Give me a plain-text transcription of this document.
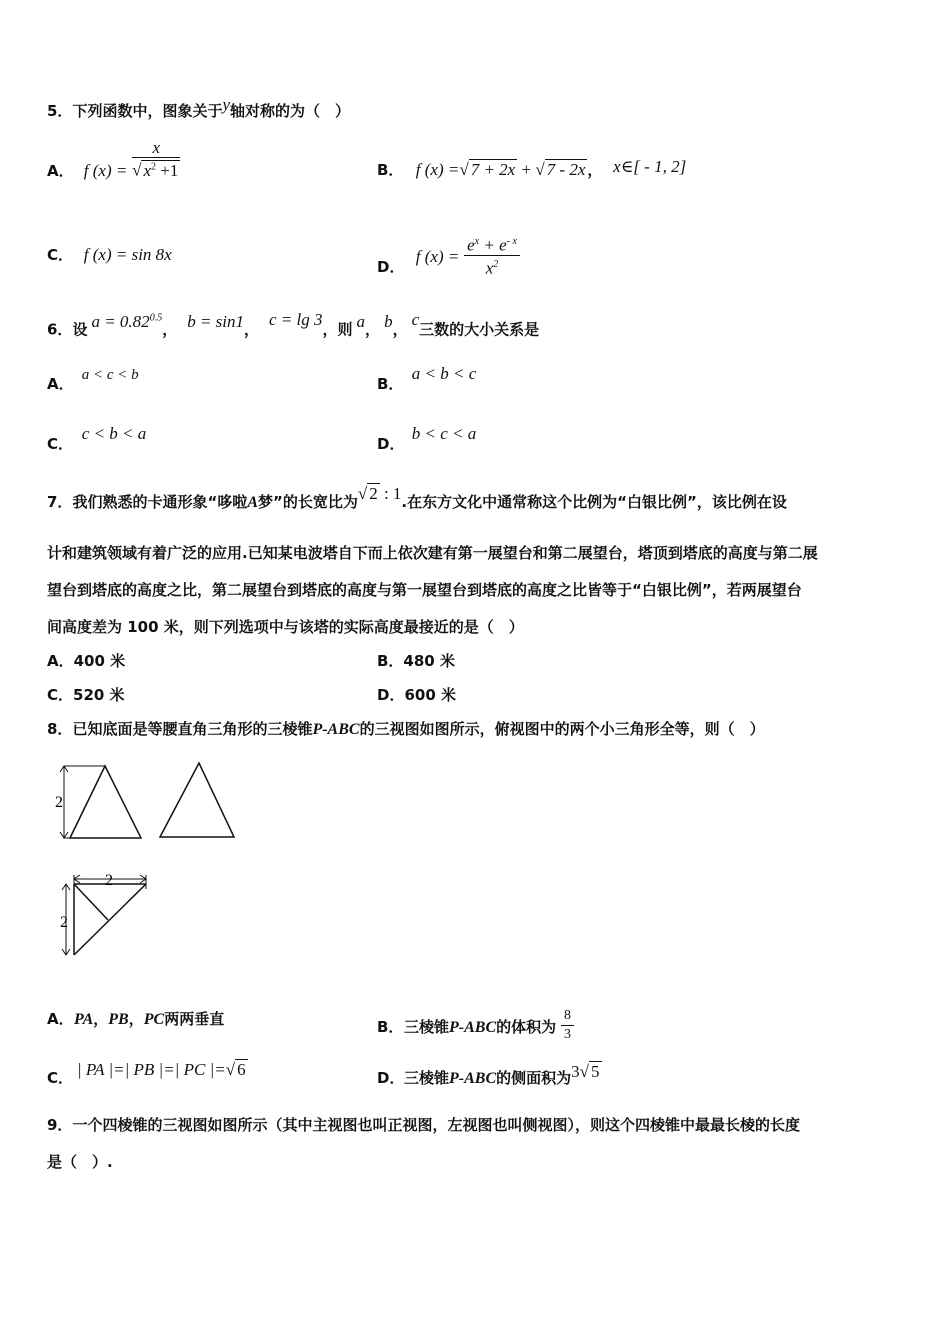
5．下列函数中，图象关于y轴对称的为（　）
A． f $(x) = \frac{x}{√ x^2 +1}$	B． f (x) =√ 7 + 2x + √ 7 - 2x ， x∈[ - 1, 2]
C． f (x) = sin 8x
D． f $(x) = \frac{e^x + e^{- x}}{x^2}$
6．设 $a = 0.82^{0.5}$， b = sin1，c = lg 3，则 a， b，c三数的大小关系是
A． a < c < b	B． a < b < c
C． c < b < a
D． b < c < a
7．我们熟悉的卡通形象“哆啦A梦”的长宽比为√ 2 : 1.在东方文化中通常称这个比例为“白银比例”，该比例在设
计和建筑领域有着广泛的应用.已知某电波塔自下而上依次建有第一展望台和第二展望台，塔顶到塔底的高度与第二展
望台到塔底的高度之比，第二展望台到塔底的高度与第一展望台到塔底的高度之比皆等于“白银比例”，若两展望台
间高度差为 100 米，则下列选项中与该塔的实际高度最接近的是（　）
A．400 米	B．480 米
C．520 米	D．600 米
8．已知底面是等腰直角三角形的三棱锥P-ABC的三视图如图所示，俯视图中的两个小三角形全等，则（　）
2
2
2
A．PA，PB，PC两两垂直	B．三棱锥P-ABC的体积为 $\frac{8}{3}$
C． | PA |=| PB |=| PC |=√ 6	D．三棱锥P-ABC的侧面积为3√ 5
9．一个四棱锥的三视图如图所示（其中主视图也叫正视图，左视图也叫侧视图），则这个四棱锥中最最长棱的长度
是（　）.
